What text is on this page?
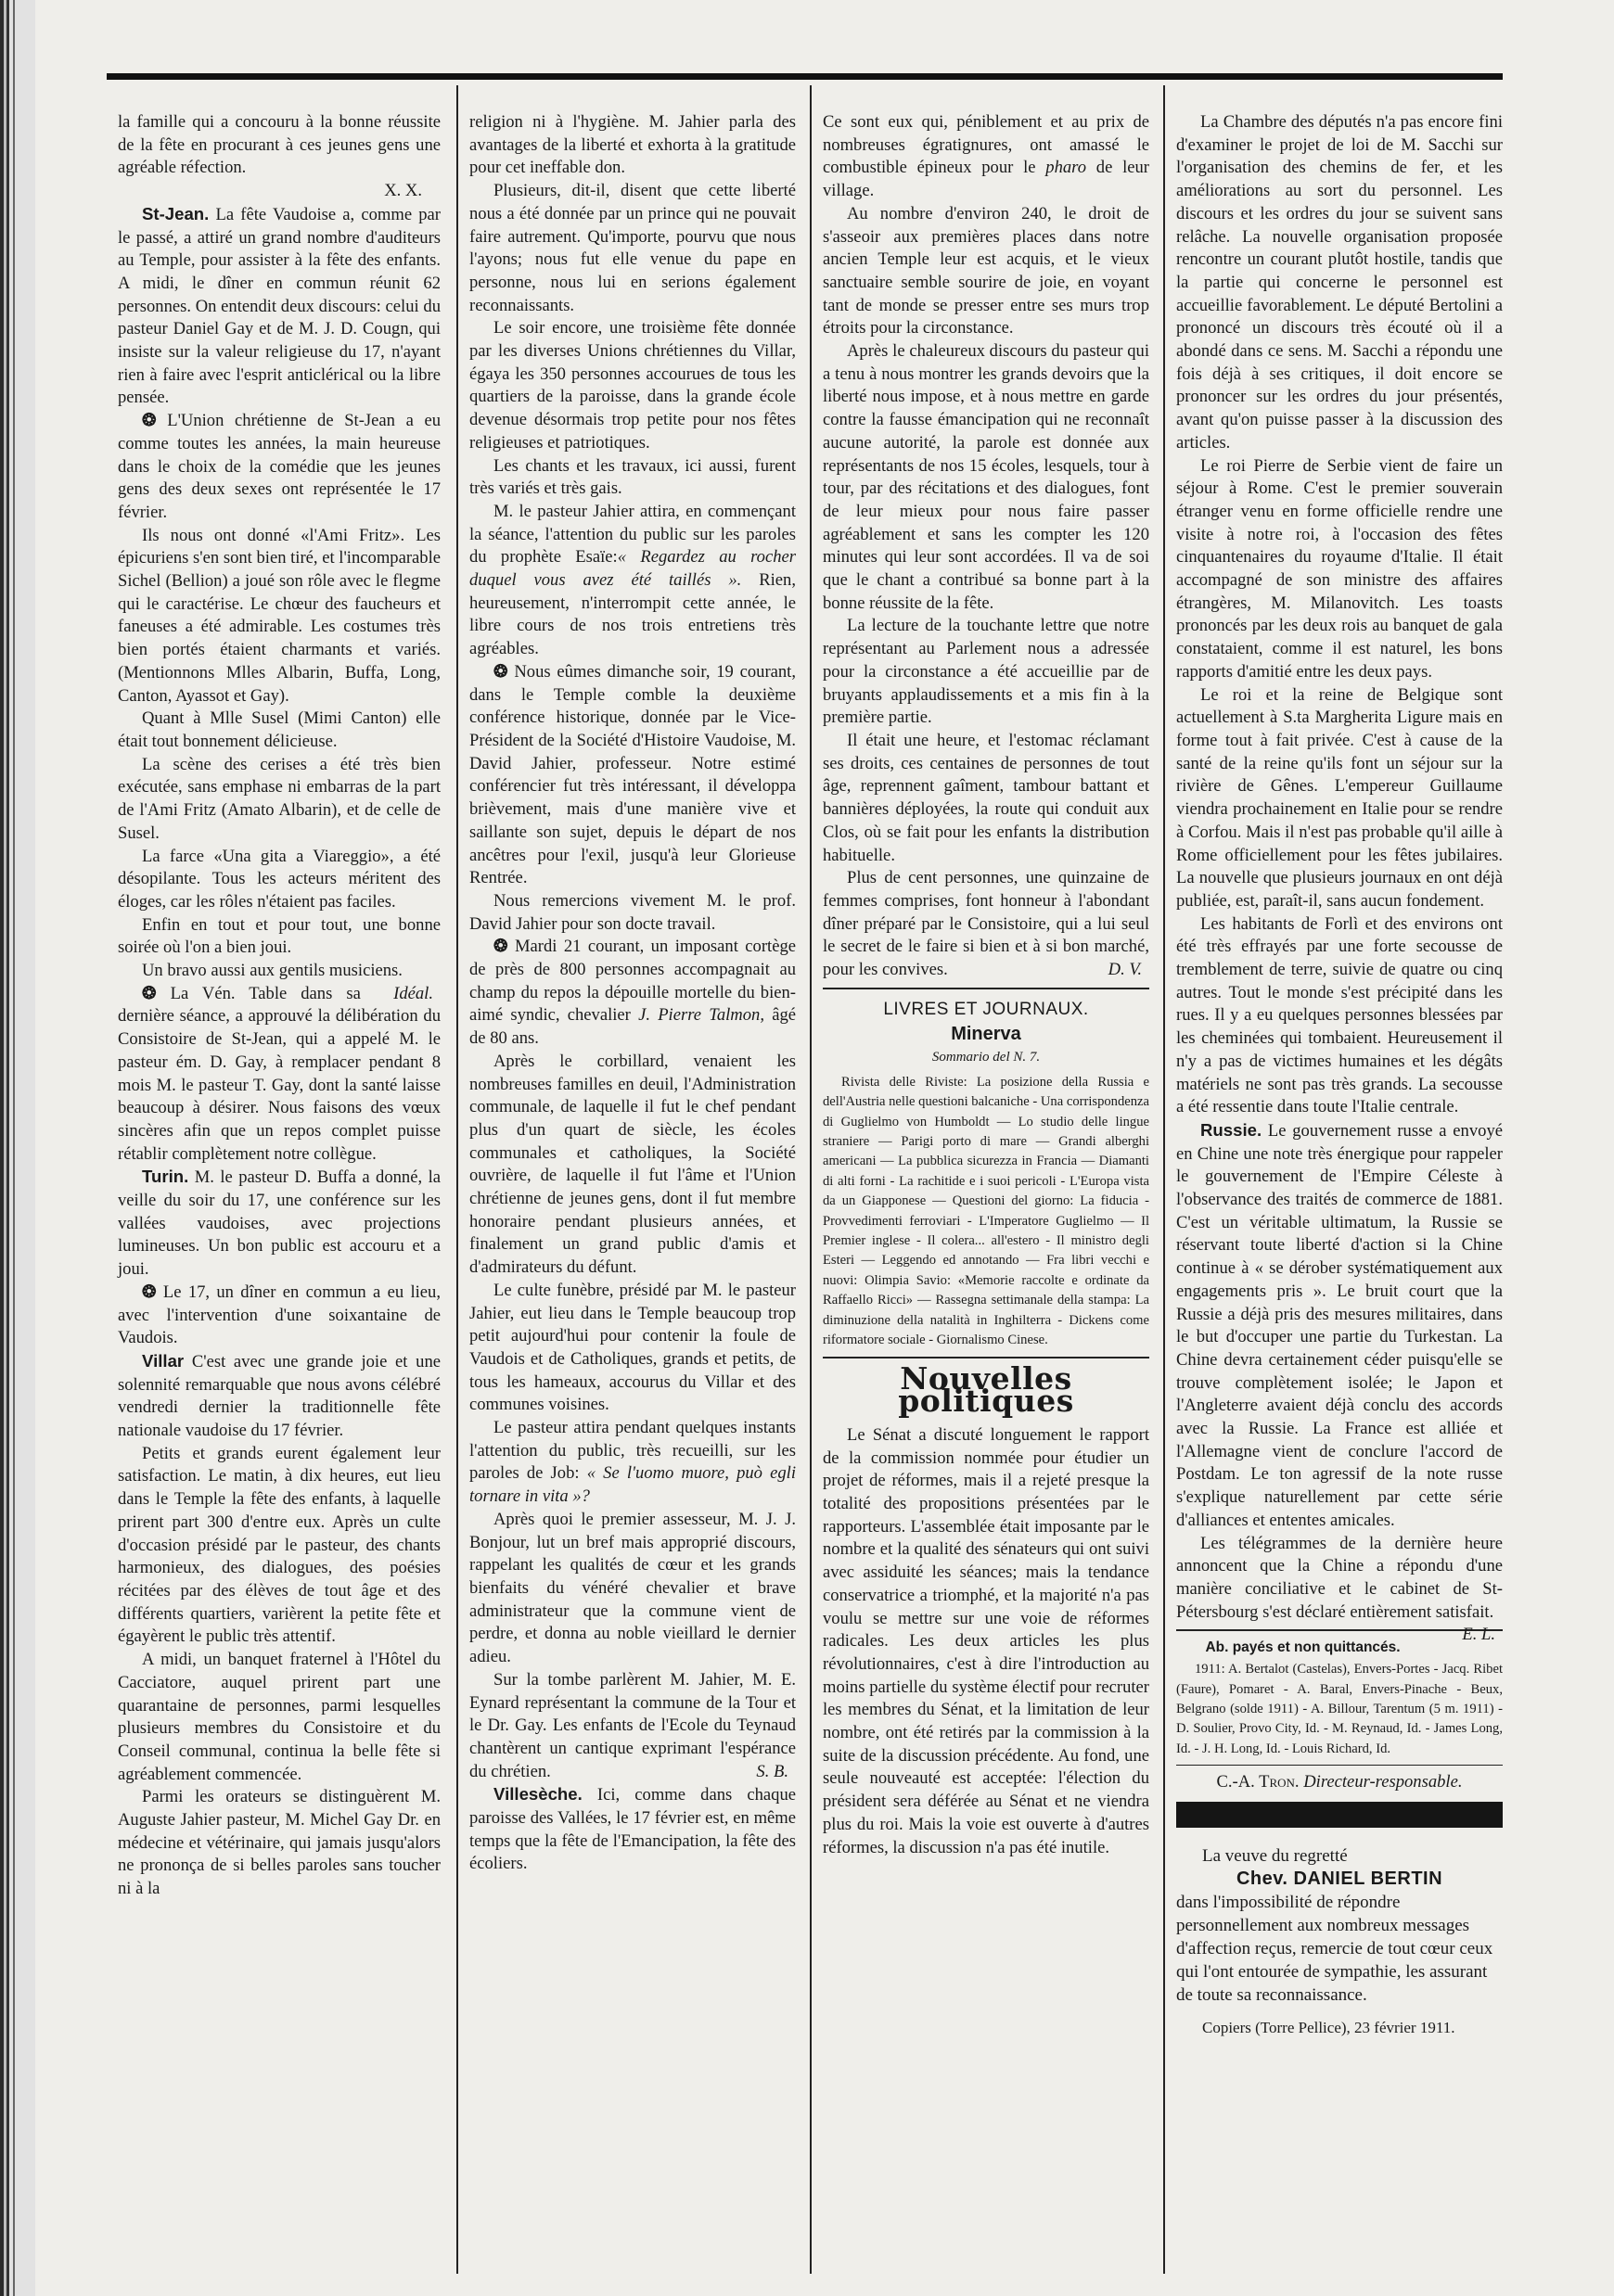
la famille qui a concouru à la bonne réussite de la fête en procurant à ces jeunes gens une agréable réfection.

X. X.

St-Jean. La fête Vaudoise a, comme par le passé, a attiré un grand nombre d'auditeurs au Temple, pour assister à la fête des enfants. A midi, le dîner en commun réunit 62 personnes. On entendit deux discours: celui du pasteur Daniel Gay et de M. J. D. Cougn, qui insiste sur la valeur religieuse du 17, n'ayant rien à faire avec l'esprit anticlérical ou la libre pensée.

❂ L'Union chrétienne de St-Jean a eu comme toutes les années, la main heureuse dans le choix de la comédie que les jeunes gens des deux sexes ont représentée le 17 février.

Ils nous ont donné «l'Ami Fritz». Les épicuriens s'en sont bien tiré, et l'incomparable Sichel (Bellion) a joué son rôle avec le flegme qui le caractérise. Le chœur des faucheurs et faneuses a été admirable. Les costumes très bien portés étaient charmants et variés. (Mentionnons Mlles Albarin, Buffa, Long, Canton, Ayassot et Gay).

Quant à Mlle Susel (Mimi Canton) elle était tout bonnement délicieuse.

La scène des cerises a été très bien exécutée, sans emphase ni embarras de la part de l'Ami Fritz (Amato Albarin), et de celle de Susel.

La farce «Una gita a Viareggio», a été désopilante. Tous les acteurs méritent des éloges, car les rôles n'étaient pas faciles.

Enfin en tout et pour tout, une bonne soirée où l'on a bien joui.

Un bravo aussi aux gentils musiciens.
Idéal.

❂ La Vén. Table dans sa dernière séance, a approuvé la délibération du Consistoire de St-Jean, qui a appelé M. le pasteur ém. D. Gay, à remplacer pendant 8 mois M. le pasteur T. Gay, dont la santé laisse beaucoup à désirer. Nous faisons des vœux sincères afin que un repos complet puisse rétablir complètement notre collègue.

Turin. M. le pasteur D. Buffa a donné, la veille du soir du 17, une conférence sur les vallées vaudoises, avec projections lumineuses. Un bon public est accouru et a joui.

❂ Le 17, un dîner en commun a eu lieu, avec l'intervention d'une soixantaine de Vaudois.

Villar C'est avec une grande joie et une solennité remarquable que nous avons célébré vendredi dernier la traditionnelle fête nationale vaudoise du 17 février.

Petits et grands eurent également leur satisfaction. Le matin, à dix heures, eut lieu dans le Temple la fête des enfants, à laquelle prirent part 300 d'entre eux. Après un culte d'occasion présidé par le pasteur, des chants harmonieux, des dialogues, des poésies récitées par des élèves de tout âge et des différents quartiers, varièrent la petite fête et égayèrent le public très attentif.

A midi, un banquet fraternel à l'Hôtel du Cacciatore, auquel prirent part une quarantaine de personnes, parmi lesquelles plusieurs membres du Consistoire et du Conseil communal, continua la belle fête si agréablement commencée.

Parmi les orateurs se distinguèrent M. Auguste Jahier pasteur, M. Michel Gay Dr. en médecine et vétérinaire, qui jamais jusqu'alors ne prononça de si belles paroles sans toucher ni à la

religion ni à l'hygiène. M. Jahier parla des avantages de la liberté et exhorta à la gratitude pour cet ineffable don.

Plusieurs, dit-il, disent que cette liberté nous a été donnée par un prince qui ne pouvait faire autrement. Qu'importe, pourvu que nous l'ayons; nous fut elle venue du pape en personne, nous lui en serions également reconnaissants.

Le soir encore, une troisième fête donnée par les diverses Unions chrétiennes du Villar, égaya les 350 personnes accourues de tous les quartiers de la paroisse, dans la grande école devenue désormais trop petite pour nos fêtes religieuses et patriotiques.

Les chants et les travaux, ici aussi, furent très variés et très gais.

M. le pasteur Jahier attira, en commençant la séance, l'attention du public sur les paroles du prophète Esaïe:« Regardez au rocher duquel vous avez été taillés ». Rien, heureusement, n'interrompit cette année, le libre cours de nos trois entretiens très agréables.

❂ Nous eûmes dimanche soir, 19 courant, dans le Temple comble la deuxième conférence historique, donnée par le Vice-Président de la Société d'Histoire Vaudoise, M. David Jahier, professeur. Notre estimé conférencier fut très intéressant, il développa brièvement, mais d'une manière vive et saillante son sujet, depuis le départ de nos ancêtres pour l'exil, jusqu'à leur Glorieuse Rentrée.

Nous remercions vivement M. le prof. David Jahier pour son docte travail.

❂ Mardi 21 courant, un imposant cortège de près de 800 personnes accompagnait au champ du repos la dépouille mortelle du bien-aimé syndic, chevalier J. Pierre Talmon, âgé de 80 ans.

Après le corbillard, venaient les nombreuses familles en deuil, l'Administration communale, de laquelle il fut le chef pendant plus d'un quart de siècle, les écoles communales et catholiques, la Société ouvrière, de laquelle il fut l'âme et l'Union chrétienne de jeunes gens, dont il fut membre honoraire pendant plusieurs années, et finalement un grand public d'amis et d'admirateurs du défunt.

Le culte funèbre, présidé par M. le pasteur Jahier, eut lieu dans le Temple beaucoup trop petit aujourd'hui pour contenir la foule de Vaudois et de Catholiques, grands et petits, de tous les hameaux, accourus du Villar et des communes voisines.

Le pasteur attira pendant quelques instants l'attention du public, très recueilli, sur les paroles de Job: « Se l'uomo muore, può egli tornare in vita »?

Après quoi le premier assesseur, M. J. J. Bonjour, lut un bref mais approprié discours, rappelant les qualités de cœur et les grands bienfaits du vénéré chevalier et brave administrateur que la commune vient de perdre, et donna au noble vieillard le dernier adieu.

Sur la tombe parlèrent M. Jahier, M. E. Eynard représentant la commune de la Tour et le Dr. Gay. Les enfants de l'Ecole du Teynaud chantèrent un cantique exprimant l'espérance du chrétien.	S. B.

Villesèche. Ici, comme dans chaque paroisse des Vallées, le 17 février est, en même temps que la fête de l'Emancipation, la fête des écoliers.

Ce sont eux qui, péniblement et au prix de nombreuses égratignures, ont amassé le combustible épineux pour le pharo de leur village.

Au nombre d'environ 240, le droit de s'asseoir aux premières places dans notre ancien Temple leur est acquis, et le vieux sanctuaire semble sourire de joie, en voyant tant de monde se presser entre ses murs trop étroits pour la circonstance.

Après le chaleureux discours du pasteur qui a tenu à nous montrer les grands devoirs que la liberté nous impose, et à nous mettre en garde contre la fausse émancipation qui ne reconnaît aucune autorité, la parole est donnée aux représentants de nos 15 écoles, lesquels, tour à tour, par des récitations et des dialogues, font de leur mieux pour nous faire passer agréablement et sans les compter les 120 minutes qui leur sont accordées. Il va de soi que le chant a contribué sa bonne part à la bonne réussite de la fête.

La lecture de la touchante lettre que notre représentant au Parlement nous a adressée pour la circonstance a été accueillie par de bruyants applaudissements et a mis fin à la première partie.

Il était une heure, et l'estomac réclamant ses droits, ces centaines de personnes de tout âge, reprennent gaîment, tambour battant et bannières déployées, la route qui conduit aux Clos, où se fait pour les enfants la distribution habituelle.

Plus de cent personnes, une quinzaine de femmes comprises, font honneur à l'abondant dîner préparé par le Consistoire, qui a lui seul le secret de le faire si bien et à si bon marché, pour les convives.	D. V.

LIVRES ET JOURNAUX.
Minerva
Sommario del N. 7.

Rivista delle Riviste: La posizione della Russia e dell'Austria nelle questioni balcaniche - Una corrispondenza di Guglielmo von Humboldt — Lo studio delle lingue straniere — Parigi porto di mare — Grandi alberghi americani — La pubblica sicurezza in Francia — Diamanti di alti forni - La rachitide e i suoi pericoli - L'Europa vista da un Giapponese — Questioni del giorno: La fiducia - Provvedimenti ferroviari - L'Imperatore Guglielmo — Il Premier inglese - Il colera... all'estero - Il ministro degli Esteri — Leggendo ed annotando — Fra libri vecchi e nuovi: Olimpia Savio: «Memorie raccolte e ordinate da Raffaello Ricci» — Rassegna settimanale della stampa: La diminuzione della natalità in Inghilterra - Dickens come riformatore sociale - Giornalismo Cinese.

Nouvelles politiques

Le Sénat a discuté longuement le rapport de la commission nommée pour étudier un projet de réformes, mais il a rejeté presque la totalité des propositions présentées par le rapporteurs. L'assemblée était imposante par le nombre et la qualité des sénateurs qui ont suivi avec assiduité les séances; mais la tendance conservatrice a triomphé, et la majorité n'a pas voulu se mettre sur une voie de réformes radicales. Les deux articles les plus révolutionnaires, c'est à dire l'introduction au moins partielle du système électif pour recruter les membres du Sénat, et la limitation de leur nombre, ont été retirés par la commission à la suite de la discussion précédente. Au fond, une seule nouveauté est acceptée: l'élection du président sera déférée au Sénat et ne viendra plus du roi. Mais la voie est ouverte à d'autres réformes, la discussion n'a pas été inutile.

La Chambre des députés n'a pas encore fini d'examiner le projet de loi de M. Sacchi sur l'organisation des chemins de fer, et les améliorations au sort du personnel. Les discours et les ordres du jour se suivent sans relâche. La nouvelle organisation proposée rencontre un courant plutôt hostile, tandis que la partie qui concerne le personnel est accueillie favorablement. Le député Bertolini a prononcé un discours très écouté où il a abondé dans ce sens. M. Sacchi a répondu une fois déjà à ses critiques, il doit encore se prononcer sur les ordres du jour présentés, avant qu'on puisse passer à la discussion des articles.

Le roi Pierre de Serbie vient de faire un séjour à Rome. C'est le premier souverain étranger venu en forme officielle rendre une visite à notre roi, à l'occasion des fêtes cinquantenaires du royaume d'Italie. Il était accompagné de son ministre des affaires étrangères, M. Milanovitch. Les toasts prononcés par les deux rois au banquet de gala constataient, comme il est naturel, les bons rapports d'amitié entre les deux pays.

Le roi et la reine de Belgique sont actuellement à S.ta Margherita Ligure mais en forme tout à fait privée. C'est à cause de la santé de la reine qu'ils font un séjour sur la rivière de Gênes. L'empereur Guillaume viendra prochainement en Italie pour se rendre à Corfou. Mais il n'est pas probable qu'il aille à Rome officiellement pour les fêtes jubilaires. La nouvelle que plusieurs journaux en ont déjà publiée, est, paraît-il, sans aucun fondement.

Les habitants de Forlì et des environs ont été très effrayés par une forte secousse de tremblement de terre, suivie de quatre ou cinq autres. Tout le monde s'est précipité dans les rues. Il y a eu quelques personnes blessées par les cheminées qui tombaient. Heureusement il n'y a pas de victimes humaines et les dégâts matériels ne sont pas très grands. La secousse a été ressentie dans toute l'Italie centrale.

Russie. Le gouvernement russe a envoyé en Chine une note très énergique pour rappeler le gouvernement de l'Empire Céleste à l'observance des traités de commerce de 1881. C'est un véritable ultimatum, la Russie se réservant toute liberté d'action si la Chine continue à « se dérober systématiquement aux engagements pris ». Le bruit court que la Russie a déjà pris des mesures militaires, dans le but d'occuper une partie du Turkestan. La Chine devra certainement céder puisqu'elle se trouve complètement isolée; le Japon et l'Angleterre avaient déjà conclu des accords avec la Russie. La France est alliée et l'Allemagne vient de conclure l'accord de Postdam. Le ton agressif de la note russe s'explique naturellement par cette série d'alliances et ententes amicales.

Les télégrammes de la dernière heure annoncent que la Chine a répondu d'une manière conciliative et le cabinet de St-Pétersbourg s'est déclaré entièrement satisfait.
E. L.

Ab. payés et non quittancés.

1911: A. Bertalot (Castelas), Envers-Portes - Jacq. Ribet (Faure), Pomaret - A. Baral, Envers-Pinache - Beux, Belgrano (solde 1911) - A. Billour, Tarentum (5 m. 1911) - D. Soulier, Provo City, Id. - M. Reynaud, Id. - James Long, Id. - J. H. Long, Id. - Louis Richard, Id.

C.-A. Tron. Directeur-responsable.

La veuve du regretté
Chev. DANIEL BERTIN
dans l'impossibilité de répondre personnellement aux nombreux messages d'affection reçus, remercie de tout cœur ceux qui l'ont entourée de sympathie, les assurant de toute sa reconnaissance.
Copiers (Torre Pellice), 23 février 1911.
